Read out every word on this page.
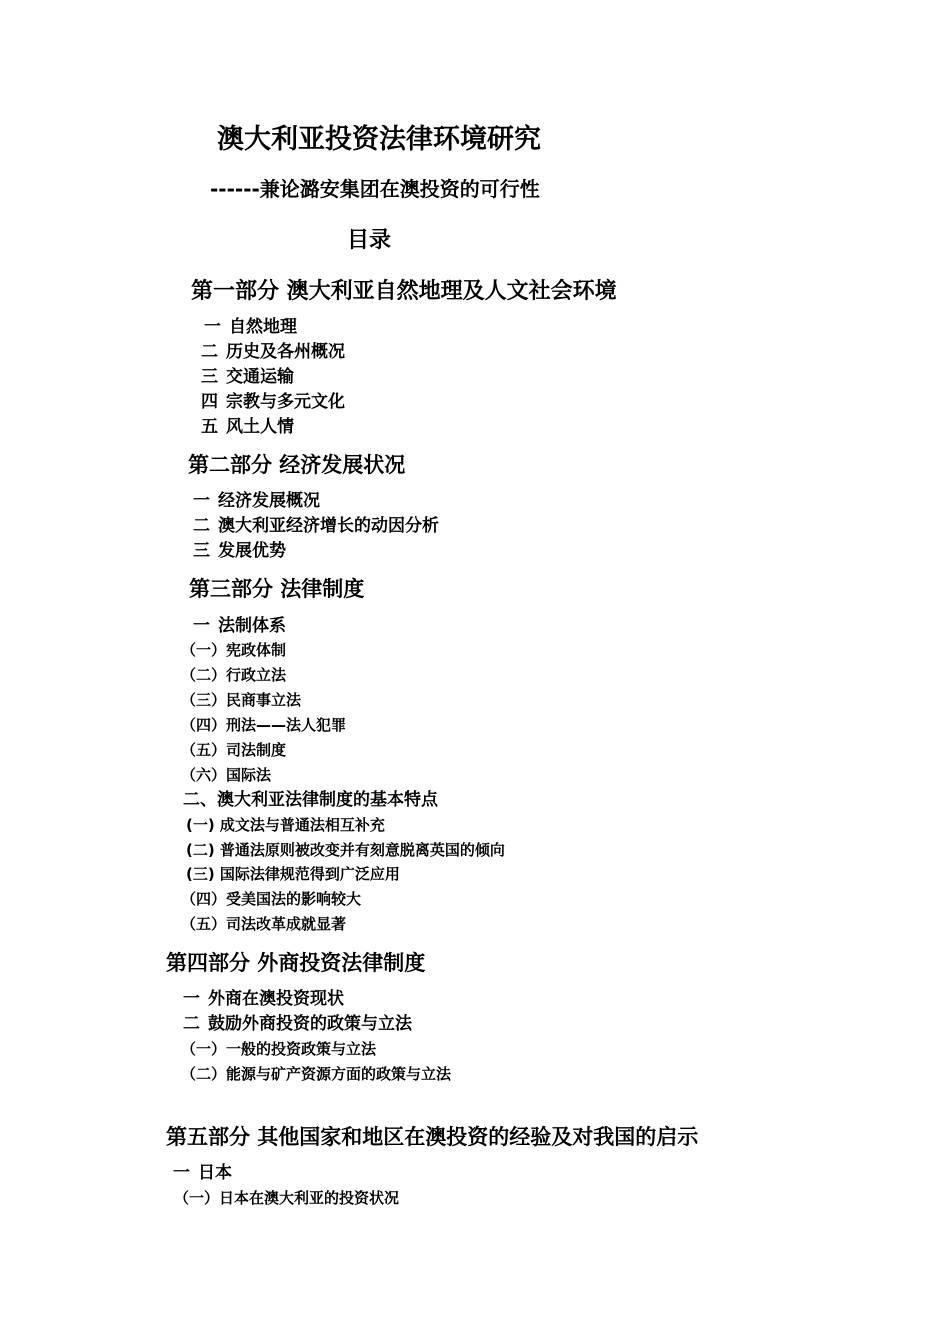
澳大利亚投资法律环境研究
------兼论潞安集团在澳投资的可行性
目录
第一部分 澳大利亚自然地理及人文社会环境
一 自然地理
二 历史及各州概况
三 交通运输
四 宗教与多元文化
五 风土人情
第二部分 经济发展状况
一 经济发展概况
二 澳大利亚经济增长的动因分析
三 发展优势
第三部分 法律制度
一 法制体系
（一）宪政体制
（二）行政立法
（三）民商事立法
（四）刑法——法人犯罪
（五）司法制度
（六）国际法
二、澳大利亚法律制度的基本特点
(一) 成文法与普通法相互补充
(二) 普通法原则被改变并有刻意脱离英国的倾向
(三) 国际法律规范得到广泛应用
（四）受美国法的影响较大
（五）司法改革成就显著
第四部分 外商投资法律制度
一 外商在澳投资现状
二 鼓励外商投资的政策与立法
（一）一般的投资政策与立法
（二）能源与矿产资源方面的政策与立法
第五部分 其他国家和地区在澳投资的经验及对我国的启示
一 日本
（一）日本在澳大利亚的投资状况
